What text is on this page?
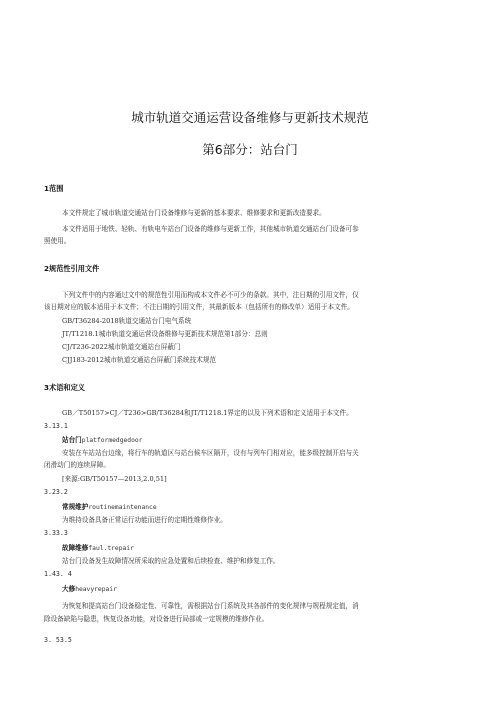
城市轨道交通运营设备维修与更新技术规范
第6部分：站台门
1范围
本文件规定了城市轨道交通站台门设备维修与更新的基本要求、维修要求和更新改造要求。
本文件适用于地铁、轻轨、有轨电车站台门设备的维修与更新工作，其他城市轨道交通站台门设备可参
照使用。
2规范性引用文件
下列文件中的内容通过文中的规范性引用而构成本文件必不可少的条款。其中，注日期的引用文件，仅
该日期对应的版本适用于本文件；不注日期的引用文件，其最新版本（包括所有的修改单）适用于本文件。
GB/T36284-2018轨道交通站台门电气系统
JT/T1218.1城市轨道交通运营设备维修与更新技术规范第1部分：总则
CJ/T236-2022城市轨道交通站台屏蔽门
CJJ183-2012城市轨道交通站台屏蔽门系统技术规范
3术语和定义
GB／T50157>CJ／T236>GB/T36284和JT/T1218.1界定的以及下列术语和定义适用于本文件。
3.13.1
站台门platformedgedoor
安装在车站站台边缘，将行车的轨道区与站台候车区隔开，设有与列车门相对应，能多级控制开启与关
闭滑动门的连续屏障。
[来源:GB/T50157—2013,2.0,51]
3.23.2
常规维护routinemaintenance
为维持设备具备正常运行功能而进行的定期性维修作业。
3.33.3
故障维修faul.trepair
站台门设备发生故障情况所采取的应急处置和后续检查、维护和修复工作。
1.43. 4
大修heavyrepair
为恢复和提高站台门设备稳定性、可靠性，需根据站台门系统及其各部件的变化规律与规程规定值，消
除设备缺陷与隐患，恢复设备功能，对设备进行局部或一定规模的维修作业。
3. 53.5
